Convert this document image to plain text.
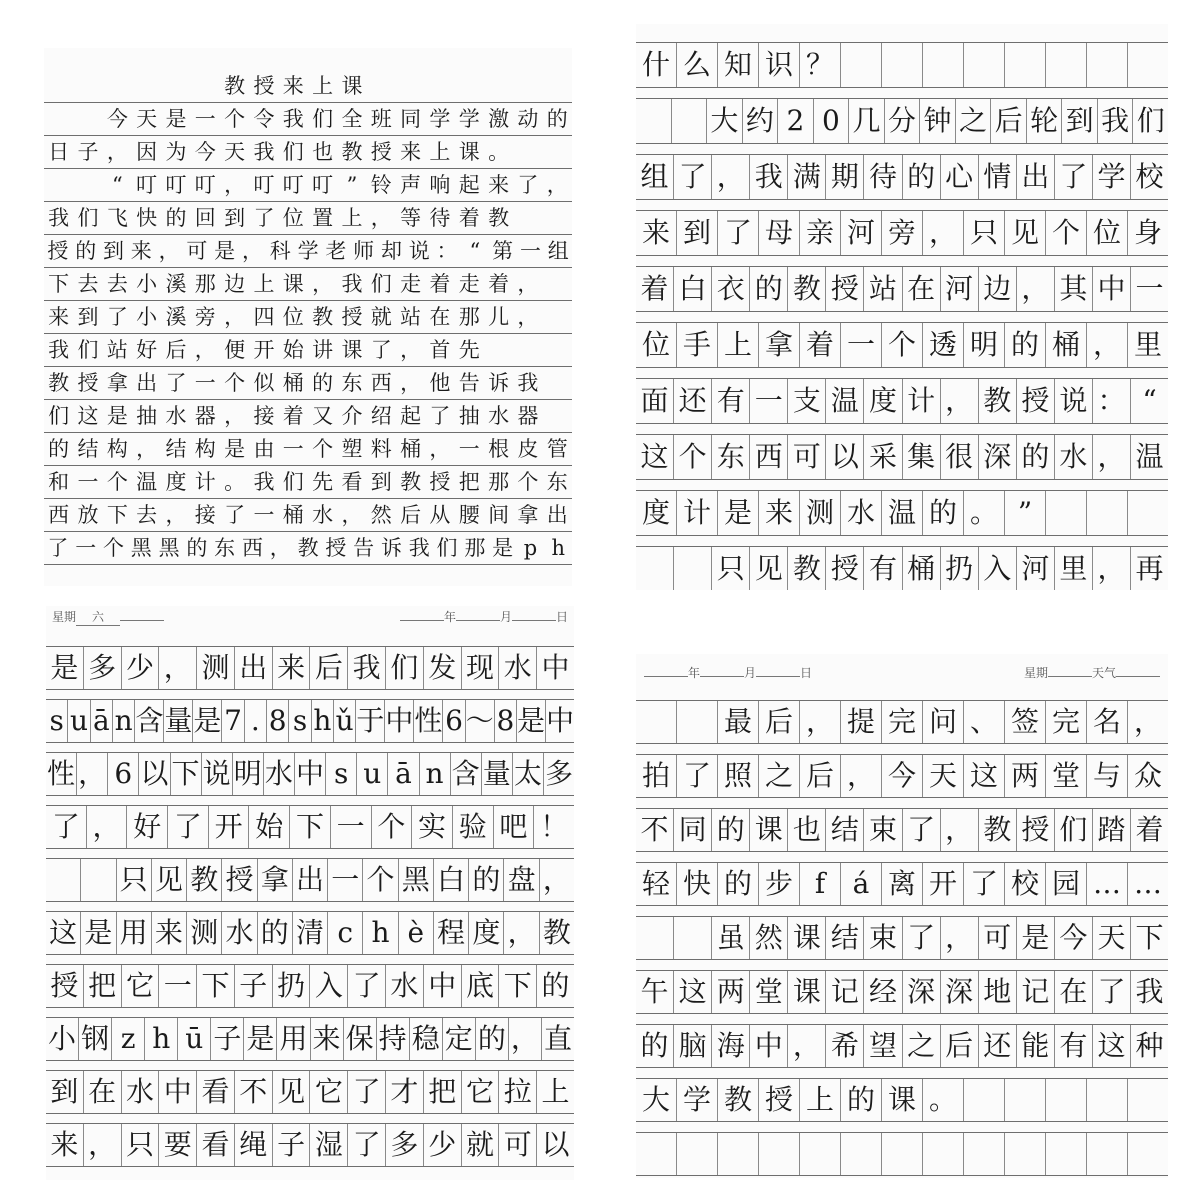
教 授 来 上 课
今 天 是 一 个 令 我 们 全 班 同 学 学 激 动 的
日 子 ， 因 为 今 天 我 们 也 教 授 来 上 课 。
“ 叮 叮 叮 ， 叮 叮 叮 ” 铃 声 响 起 来 了 ，
我 们 飞 快 的 回 到 了 位 置 上 ， 等 待 着 教
授 的 到 来 ， 可 是 ， 科 学 老 师 却 说 ： “ 第 一 组
下 去 去 小 溪 那 边 上 课 ， 我 们 走 着 走 着 ，
来 到 了 小 溪 旁 ， 四 位 教 授 就 站 在 那 儿 ，
我 们 站 好 后 ， 便 开 始 讲 课 了 ， 首 先
教 授 拿 出 了 一 个 似 桶 的 东 西 ， 他 告 诉 我
们 这 是 抽 水 器 ， 接 着 又 介 绍 起 了 抽 水 器
的 结 构 ， 结 构 是 由 一 个 塑 料 桶 ， 一 根 皮 管
和 一 个 温 度 计 。 我 们 先 看 到 教 授 把 那 个 东
西 放 下 去 ， 接 了 一 桶 水 ， 然 后 从 腰 间 拿 出
了 一 个 黑 黑 的 东 西 ， 教 授 告 诉 我 们 那 是 p h
什 么 知 识 ？
大 约 2 0 几 分 钟 之 后 轮 到 我 们
组 了 ， 我 满 期 待 的 心 情 出 了 学 校
来 到 了 母 亲 河 旁 ， 只 见 个 位 身
着 白 衣 的 教 授 站 在 河 边 ， 其 中 一
位 手 上 拿 着 一 个 透 明 的 桶 ， 里
面 还 有 一 支 温 度 计 ， 教 授 说 ： “
这 个 东 西 可 以 采 集 很 深 的 水 ， 温
度 计 是 来 测 水 温 的 。 ”
只 见 教 授 有 桶 扔 入 河 里 ， 再
星期 六	年	月	日
是 多 少 ， 测 出 来 后 我 们 发 现 水 中
s u ā n 含 量 是 7 . 8 s h ǔ 于 中 性 6 ～ 8 是 中
性 ， 6 以 下 说 明 水 中 s u ā n 含 量 太 多
了 ， 好 了 开 始 下 一 个 实 验 吧 ！
只 见 教 授 拿 出 一 个 黑 白 的 盘 ，
这 是 用 来 测 水 的 清 c h è 程 度 ， 教
授 把 它 一 下 子 扔 入 了 水 中 底 下 的
小 钢 z h ū 子 是 用 来 保 持 稳 定 的 ， 直
到 在 水 中 看 不 见 它 了 才 把 它 拉 上
来 ， 只 要 看 绳 子 湿 了 多 少 就 可 以
年	月	日	星期	天气
最 后 ， 提 完 问 、 签 完 名 ，
拍 了 照 之 后 ， 今 天 这 两 堂 与 众
不 同 的 课 也 结 束 了 ， 教 授 们 踏 着
轻 快 的 步 f á 离 开 了 校 园 … …
虽 然 课 结 束 了 ， 可 是 今 天 下
午 这 两 堂 课 记 经 深 深 地 记 在 了 我
的 脑 海 中 ， 希 望 之 后 还 能 有 这 种
大 学 教 授 上 的 课 。
